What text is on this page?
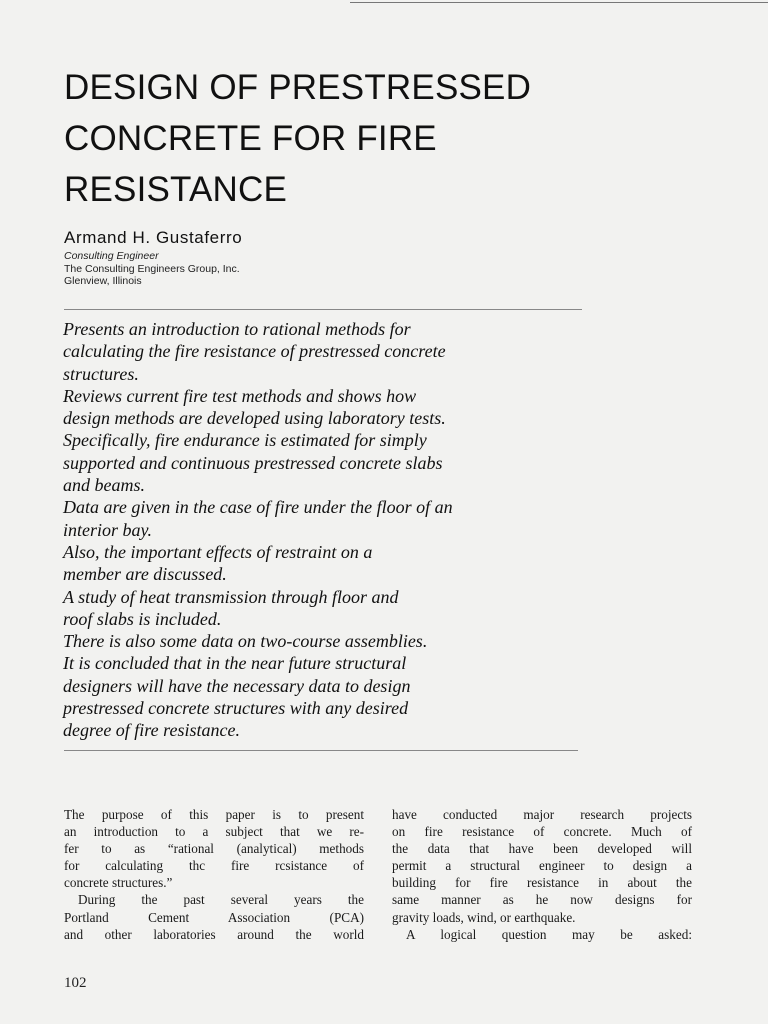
DESIGN OF PRESTRESSED
CONCRETE FOR FIRE
RESISTANCE
Armand H. Gustaferro
Consulting Engineer
The Consulting Engineers Group, Inc.
Glenview, Illinois
Presents an introduction to rational methods for
calculating the fire resistance of prestressed concrete
structures.
Reviews current fire test methods and shows how
design methods are developed using laboratory tests.
Specifically, fire endurance is estimated for simply
supported and continuous prestressed concrete slabs
and beams.
Data are given in the case of fire under the floor of an
interior bay.
Also, the important effects of restraint on a
member are discussed.
A study of heat transmission through floor and
roof slabs is included.
There is also some data on two-course assemblies.
It is concluded that in the near future structural
designers will have the necessary data to design
prestressed concrete structures with any desired
degree of fire resistance.
The purpose of this paper is to present
an introduction to a subject that we re-
fer to as “rational (analytical) methods
for calculating thc fire rcsistance of
concrete structures.”
During the past several years the
Portland Cement Association (PCA)
and other laboratories around the world
have conducted major research projects
on fire resistance of concrete. Much of
the data that have been developed will
permit a structural engineer to design a
building for fire resistance in about the
same manner as he now designs for
gravity loads, wind, or earthquake.
A logical question may be asked:
102
